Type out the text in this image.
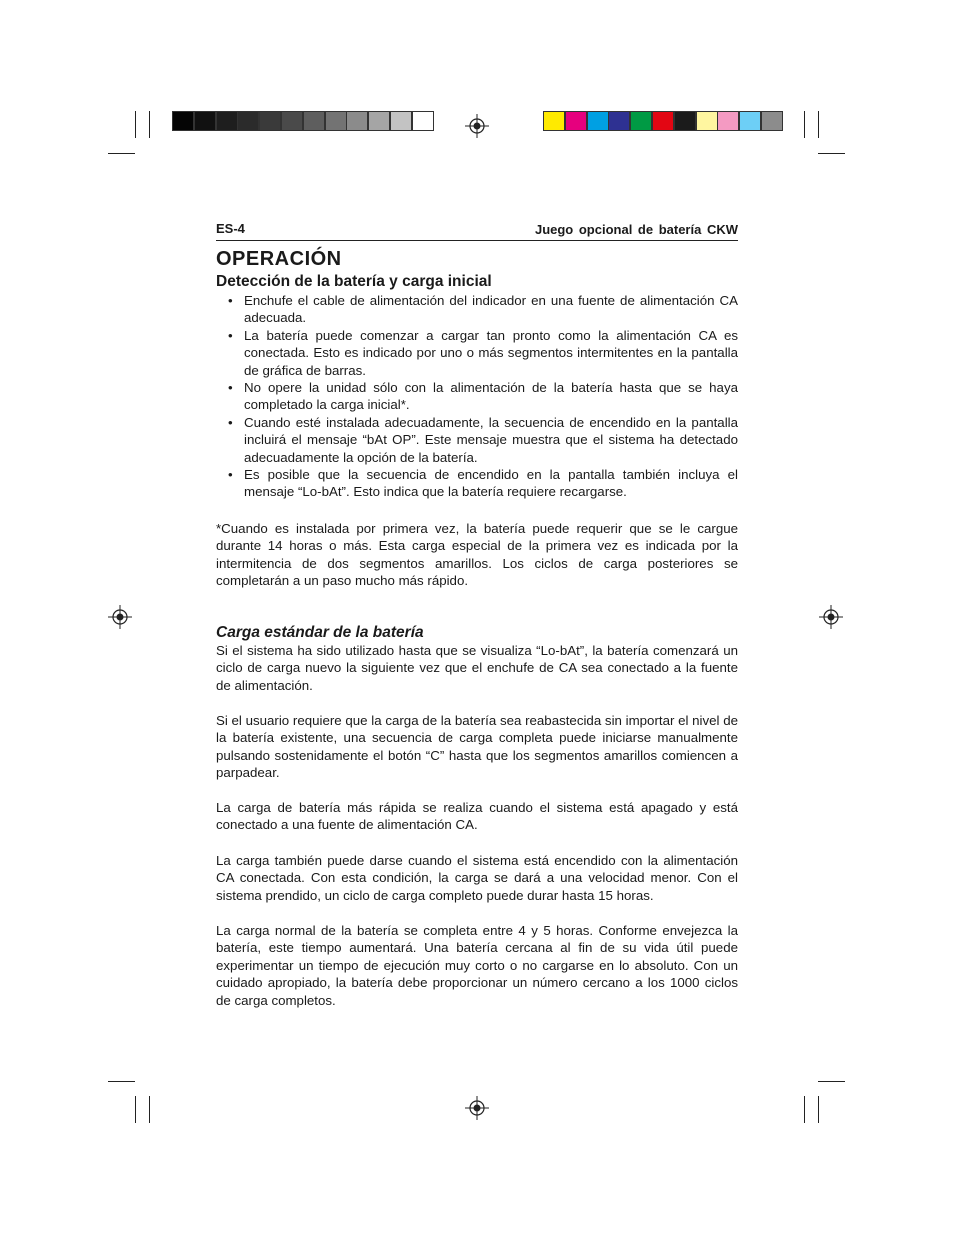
ES-4	Juego opcional de batería CKW
OPERACIÓN
Detección de la batería y carga inicial
• Enchufe el cable de alimentación del indicador en una fuente de alimentación CA adecuada.
• La batería puede comenzar a cargar tan pronto como la alimentación CA es conectada. Esto es indicado por uno o más segmentos intermitentes en la pantalla de gráfica de barras.
• No opere la unidad sólo con la alimentación de la batería hasta que se haya completado la carga inicial*.
• Cuando esté instalada adecuadamente, la secuencia de encendido en la pantalla incluirá el mensaje “bAt OP”. Este mensaje muestra que el sistema ha detectado adecuadamente la opción de la batería.
• Es posible que la secuencia de encendido en la pantalla también incluya el mensaje “Lo-bAt”. Esto indica que la batería requiere recargarse.
*Cuando es instalada por primera vez, la batería puede requerir que se le cargue durante 14 horas o más. Esta carga especial de la primera vez es indicada por la intermitencia de dos segmentos amarillos. Los ciclos de carga posteriores se completarán a un paso mucho más rápido.
Carga estándar de la batería
Si el sistema ha sido utilizado hasta que se visualiza “Lo-bAt”, la batería comenzará un ciclo de carga nuevo la siguiente vez que el enchufe de CA sea conectado a la fuente de alimentación.
Si el usuario requiere que la carga de la batería sea reabastecida sin importar el nivel de la batería existente, una secuencia de carga completa puede iniciarse manualmente pulsando sostenidamente el botón “C” hasta que los segmentos amarillos comiencen a parpadear.
La carga de batería más rápida se realiza cuando el sistema está apagado y está conectado a una fuente de alimentación CA.
La carga también puede darse cuando el sistema está encendido con la alimentación CA conectada. Con esta condición, la carga se dará a una velocidad menor. Con el sistema prendido, un ciclo de carga completo puede durar hasta 15 horas.
La carga normal de la batería se completa entre 4 y 5 horas. Conforme envejezca la batería, este tiempo aumentará. Una batería cercana al fin de su vida útil puede experimentar un tiempo de ejecución muy corto o no cargarse en lo absoluto. Con un cuidado apropiado, la batería debe proporcionar un número cercano a los 1000 ciclos de carga completos.
